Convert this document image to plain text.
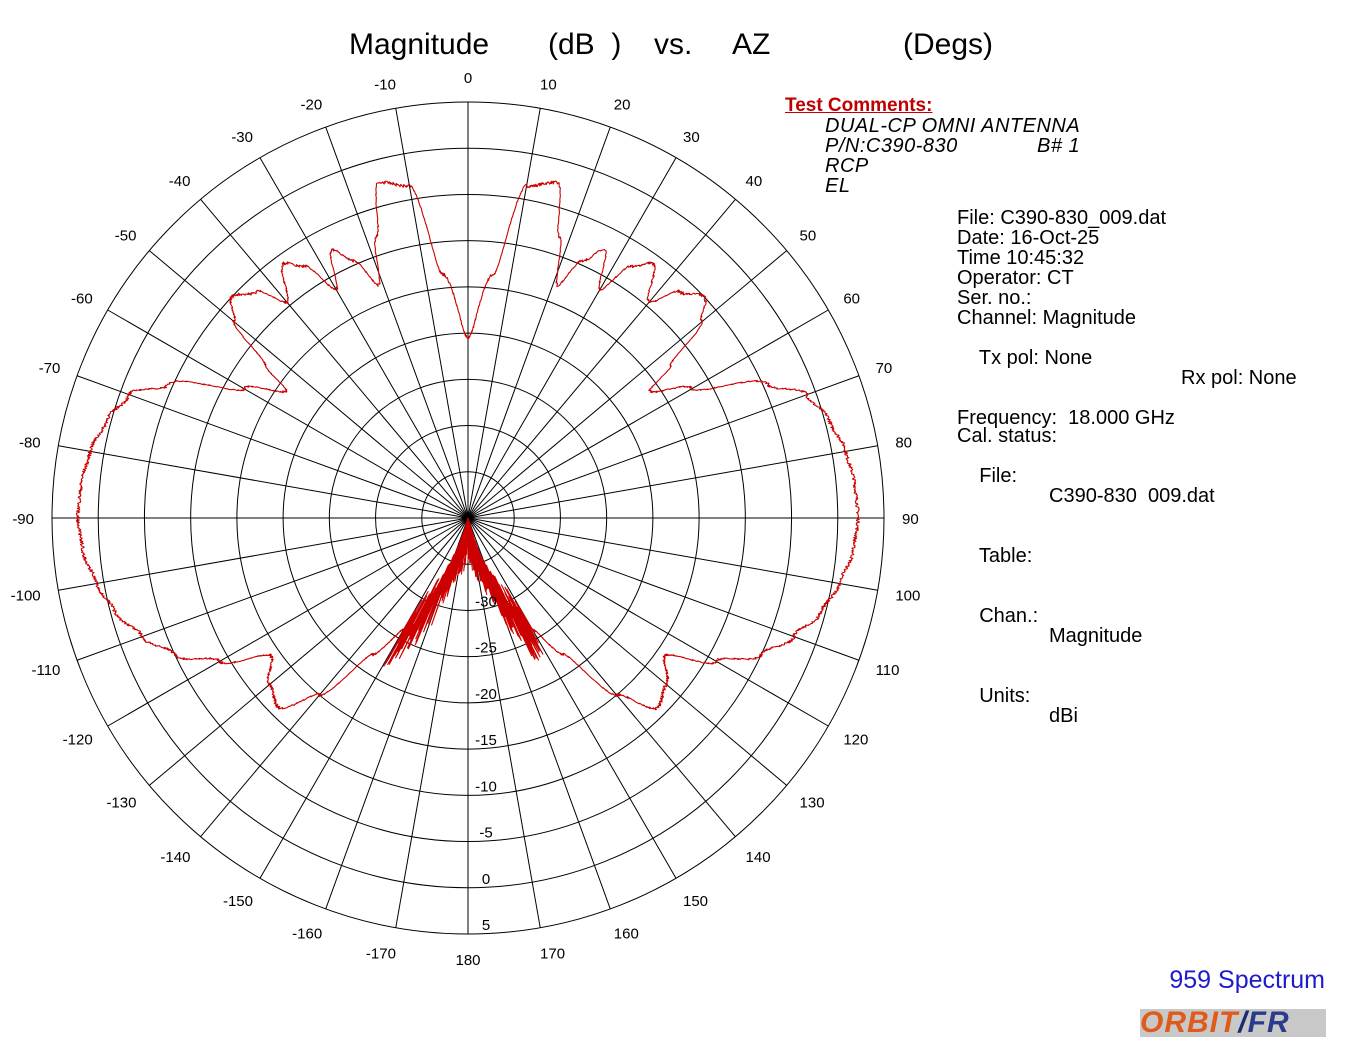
Magnitude (dB  ) vs. AZ	(Degs)
0	10
20
30
40
50
60
70
80
90
100
110
120
130
140
150
160
170
180
-170
-160
-150
-140
-130
-120
-110
-100
-90
-80
-70
-60
-50
-40
-30
-20
-10
-30
-25
-20
-15
-10
-5
0
5
Test Comments:
DUAL-CP OMNI ANTENNA
P/N:C390-830	B# 1
RCP
EL
File: C390-830_009.dat
Date: 16-Oct-25
Time 10:45:32
Operator: CT
Ser. no.:
Channel: Magnitude

Tx pol: None

Rx pol: None

Frequency:  18.000 GHz
Cal. status:

File:

C390-830  009.dat

Table:

Chan.:

Magnitude

Units:

dBi

959 Spectrum
ORBIT/FR
